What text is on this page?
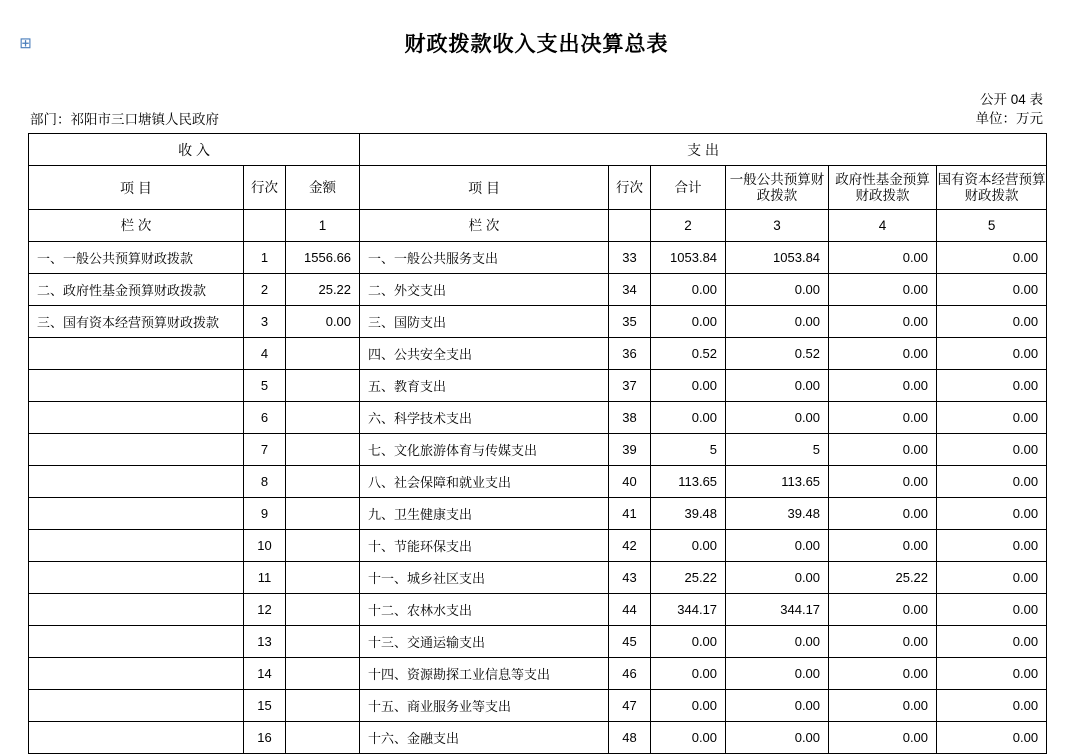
⊞	财政拨款收入支出决算总表
公开 04 表
单位：万元
部门：祁阳市三口塘镇人民政府
收 入			支 出					
项 目	行次	金额	项 目	行次	合计	一般公共预算财政拨款	政府性基金预算财政拨款	国有资本经营预算财政拨款
栏 次		1	栏 次		2	3	4	5
一、一般公共预算财政拨款	1	1556.66	一、一般公共服务支出	33	1053.84	1053.84	0.00	0.00
二、政府性基金预算财政拨款	2	25.22	二、外交支出	34	0.00	0.00	0.00	0.00
三、国有资本经营预算财政拨款	3	0.00	三、国防支出	35	0.00	0.00	0.00	0.00
	4		四、公共安全支出	36	0.52	0.52	0.00	0.00
	5		五、教育支出	37	0.00	0.00	0.00	0.00
	6		六、科学技术支出	38	0.00	0.00	0.00	0.00
	7		七、文化旅游体育与传媒支出	39	5	5	0.00	0.00
	8		八、社会保障和就业支出	40	113.65	113.65	0.00	0.00
	9		九、卫生健康支出	41	39.48	39.48	0.00	0.00
	10		十、节能环保支出	42	0.00	0.00	0.00	0.00
	11		十一、城乡社区支出	43	25.22	0.00	25.22	0.00
	12		十二、农林水支出	44	344.17	344.17	0.00	0.00
	13		十三、交通运输支出	45	0.00	0.00	0.00	0.00
	14		十四、资源勘探工业信息等支出	46	0.00	0.00	0.00	0.00
	15		十五、商业服务业等支出	47	0.00	0.00	0.00	0.00
	16		十六、金融支出	48	0.00	0.00	0.00	0.00
